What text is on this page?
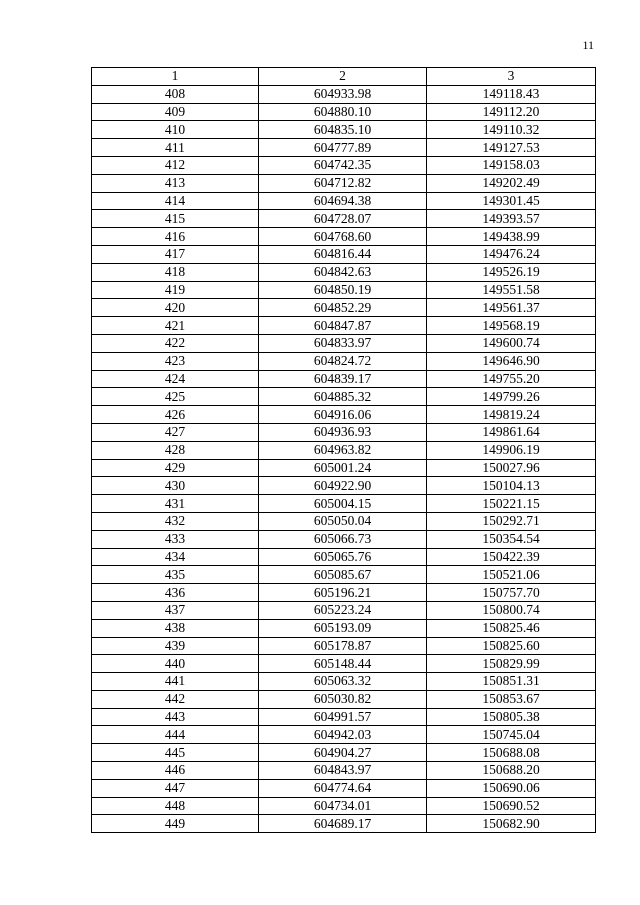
11
1	2	3
408	604933.98	149118.43
409	604880.10	149112.20
410	604835.10	149110.32
411	604777.89	149127.53
412	604742.35	149158.03
413	604712.82	149202.49
414	604694.38	149301.45
415	604728.07	149393.57
416	604768.60	149438.99
417	604816.44	149476.24
418	604842.63	149526.19
419	604850.19	149551.58
420	604852.29	149561.37
421	604847.87	149568.19
422	604833.97	149600.74
423	604824.72	149646.90
424	604839.17	149755.20
425	604885.32	149799.26
426	604916.06	149819.24
427	604936.93	149861.64
428	604963.82	149906.19
429	605001.24	150027.96
430	604922.90	150104.13
431	605004.15	150221.15
432	605050.04	150292.71
433	605066.73	150354.54
434	605065.76	150422.39
435	605085.67	150521.06
436	605196.21	150757.70
437	605223.24	150800.74
438	605193.09	150825.46
439	605178.87	150825.60
440	605148.44	150829.99
441	605063.32	150851.31
442	605030.82	150853.67
443	604991.57	150805.38
444	604942.03	150745.04
445	604904.27	150688.08
446	604843.97	150688.20
447	604774.64	150690.06
448	604734.01	150690.52
449	604689.17	150682.90
